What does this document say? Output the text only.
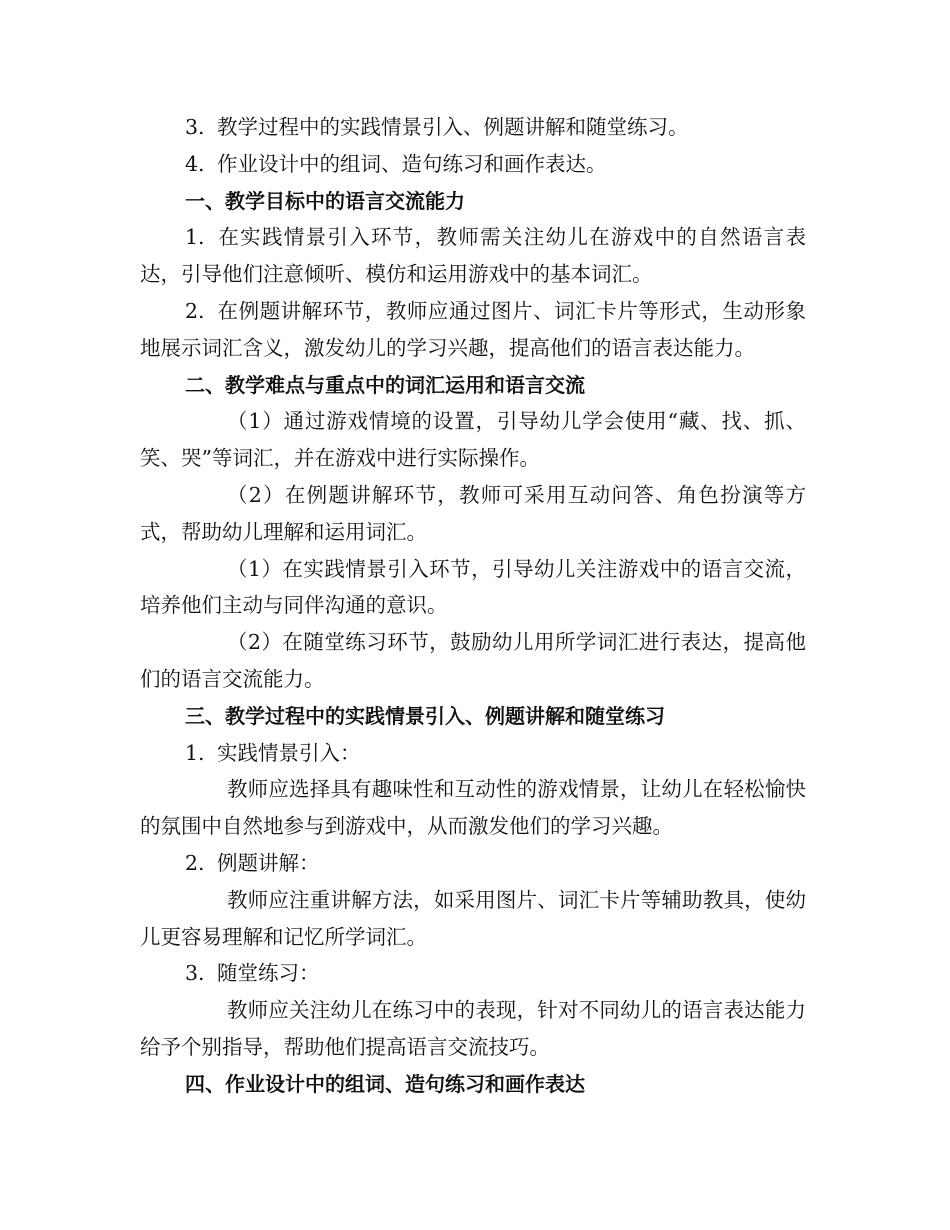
3. 教学过程中的实践情景引入、例题讲解和随堂练习。

4. 作业设计中的组词、造句练习和画作表达。

一、教学目标中的语言交流能力

1. 在实践情景引入环节，教师需关注幼儿在游戏中的自然语言表达，引导他们注意倾听、模仿和运用游戏中的基本词汇。

2. 在例题讲解环节，教师应通过图片、词汇卡片等形式，生动形象地展示词汇含义，激发幼儿的学习兴趣，提高他们的语言表达能力。

二、教学难点与重点中的词汇运用和语言交流

（1）通过游戏情境的设置，引导幼儿学会使用“藏、找、抓、笑、哭”等词汇，并在游戏中进行实际操作。

（2）在例题讲解环节，教师可采用互动问答、角色扮演等方式，帮助幼儿理解和运用词汇。

（1）在实践情景引入环节，引导幼儿关注游戏中的语言交流，培养他们主动与同伴沟通的意识。

（2）在随堂练习环节，鼓励幼儿用所学词汇进行表达，提高他们的语言交流能力。

三、教学过程中的实践情景引入、例题讲解和随堂练习

1. 实践情景引入：

教师应选择具有趣味性和互动性的游戏情景，让幼儿在轻松愉快的氛围中自然地参与到游戏中，从而激发他们的学习兴趣。

2. 例题讲解：

教师应注重讲解方法，如采用图片、词汇卡片等辅助教具，使幼儿更容易理解和记忆所学词汇。

3. 随堂练习：

教师应关注幼儿在练习中的表现，针对不同幼儿的语言表达能力给予个别指导，帮助他们提高语言交流技巧。

四、作业设计中的组词、造句练习和画作表达
